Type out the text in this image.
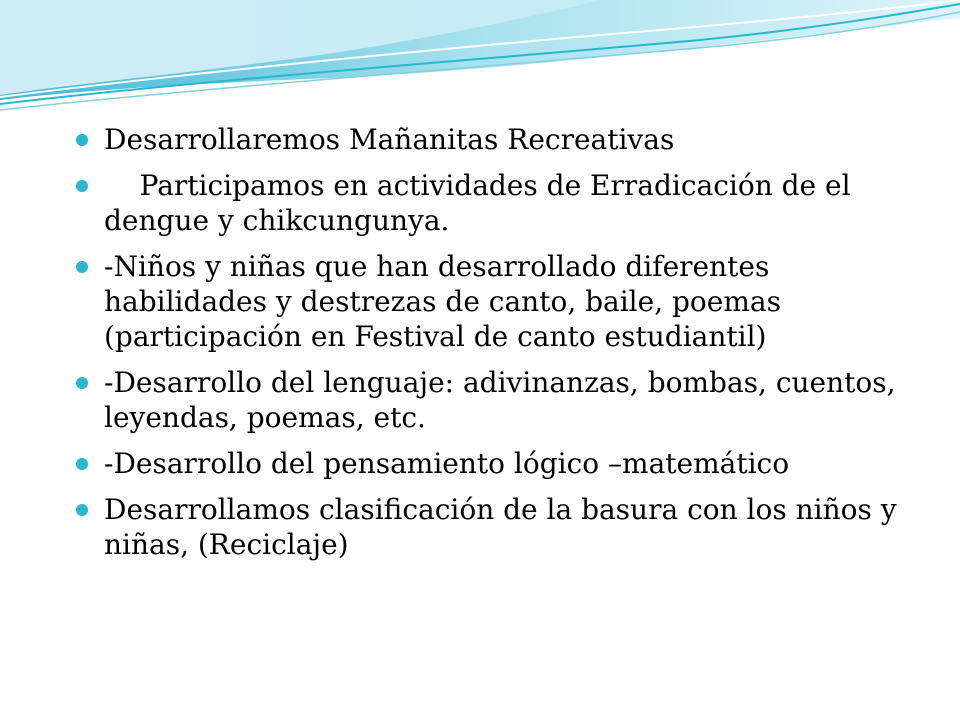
Desarrollaremos Mañanitas Recreativas
Participamos en actividades de Erradicación de el dengue y chikcungunya.
-Niños y niñas que han desarrollado diferentes habilidades y destrezas de canto, baile, poemas (participación en Festival de canto estudiantil)
-Desarrollo del lenguaje: adivinanzas, bombas, cuentos, leyendas, poemas, etc.
-Desarrollo del pensamiento lógico –matemático
Desarrollamos clasificación de la basura con los niños y niñas, (Reciclaje)
